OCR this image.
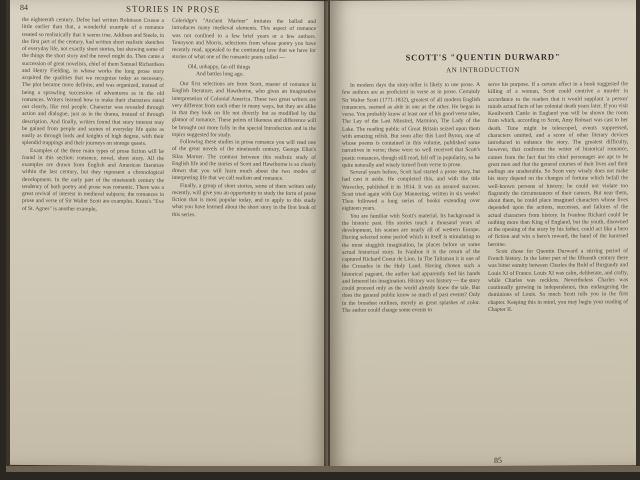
84	STORIES IN PROSE

the eighteenth century. Defoe had written Robinson Crusoe a little earlier than that, a wonderful example of a romance treated so realistically that it seems true. Addison and Steele, in the first part of the century, had written short realistic sketches of everyday life, not exactly short stories, but showing some of the things the short story and the novel might do. Then came a succession of great novelists, chief of them Samuel Richardson and Henry Fielding, in whose works the long prose story acquired the qualities that we recognize today as necessary. The plot became more definite, and was organized, instead of being a sprawling succession of adventures as in the old romances. Writers learned how to make their characters stand out clearly, like real people. Character was revealed through action and dialogue, just as in the drama, instead of through description. And finally, writers found that story interest may be gained from people and scenes of everyday life quite as easily as through lords and knights of high degree, with their splendid trappings and their journeys on strange quests.

Examples of the three main types of prose fiction will be found in this section: romance, novel, short story. All the examples are drawn from English and American literature within the last century, but they represent a chronological development. In the early part of the nineteenth century the tendency of both poetry and prose was romantic. There was a great revival of interest in medieval subjects; the romances in prose and verse of Sir Walter Scott are examples. Keats's "Eve of St. Agnes" is another example,

Coleridge's "Ancient Mariner" imitates the ballad and introduces many medieval elements. This aspect of romance was not confined to a few brief years or a few authors. Tennyson and Morris, selections from whose poetry you have recently read, appealed to the continuing love that we have for stories of what one of the romantic poets called —

Old, unhappy, far-off things
And battles long ago.

Our first selections are from Scott, master of romance in English literature, and Hawthorne, who gives an imaginative interpretation of Colonial America. These two great writers are very different from each other in many ways, but they are alike in that they look on life not directly but as modified by the glamor of romance. These points of likeness and difference will be brought out more fully in the special Introduction and in the topics suggested for study.

Following these studies in prose romance you will read one of the great novels of the nineteenth century, George Eliot's Silas Marner. The contrast between this realistic study of English life and the stories of Scott and Hawthorne is so clearly drawn that you will learn much about the two modes of interpreting life that we call realism and romance.

Finally, a group of short stories, some of them written only recently, will give you an opportunity to study the form of prose fiction that is most popular today, and to apply to this study what you have learned about the short story in the first book of this series.

SCOTT'S "QUENTIN DURWARD"
AN INTRODUCTION

In modern days the story-teller is likely to use prose. A few authors are as proficient in verse as in prose. Certainly Sir Walter Scott (1771-1832), greatest of all modern English romancers, seemed as able in one as the other. He began in verse. You probably know at least one of his good verse tales, The Lay of the Last Minstrel, Marmion, The Lady of the Lake. The reading public of Great Britain seized upon them with amazing relish. But soon after this Lord Byron, one of whose poems is contained in this volume, published some narratives in verse; these were so well received that Scott's poetic romances, though still read, fell off in popularity, so he quite naturally and wisely turned from verse to prose.

Several years before, Scott had started a prose story, but had cast it aside. He completed this, and with the title Waverley, published it in 1814. It was an assured success. Scott tried again with Guy Mannering, written in six weeks! Then followed a long series of books extending over eighteen years.

You are familiar with Scott's material. Its background is the historic past. His stories touch a thousand years of development, his scenes are nearly all of western Europe. Having selected some period which in itself is stimulating to the most sluggish imagination, he places before us some actual historical story. In Ivanhoe it is the return of the captured Richard Coeur de Lion. In The Talisman it is one of the Crusades in the Holy Land. Having chosen such a historical pageant, the author had apparently tied his hands and fettered his imagination. History was history — the story could proceed only as the world already knew the tale. But does the general public know so much of past events? Only in the broadest outlines, merely as great splashes of color. The author could change some events to

serve his purpose. If a certain effect in a book suggested the killing of a woman, Scott could contrive a murder in accordance to the readers that it would supplant 'a person' minds actual facts of her colonial death years later. If you visit Kenilworth Castle in England you will be shown the room from which, according to Scott, Amy Robsart was cast to her death. Time might be telescoped, events suppressed, characters omitted, and a score of other literary devices introduced to enhance the story. The greatest difficulty, however, that confronts the writer of historical romance, comes from the fact that his chief personages are apt to be great men and that the general courses of their lives and their endings are unalterable. So Scott very wisely does not make his story depend on the changes of fortune which befall the well-known persons of history; he could not violate too flagrantly the circumstances of their careers. But near them, about them, he could place imagined characters whose lives depended upon the actions, successes, and failures of the actual characters from history. In Ivanhoe Richard could be nothing more than King of England, but the youth, disowned at the opening of the story by his father, could act like a hero of fiction and win a hero's reward, the hand of the harassed heroine.

Scott chose for Quentin Durward a stirring period of French history. In the latter part of the fifteenth century there was bitter enmity between Charles the Bold of Burgundy and Louis XI of France. Louis XI was calm, deliberate, and crafty, while Charles was reckless. Nevertheless Charles was continually growing in independence, thus endangering the dominions of Louis. So much Scott tells you in the first chapter. Keeping this in mind, you may begin your reading of Chapter II.

85
